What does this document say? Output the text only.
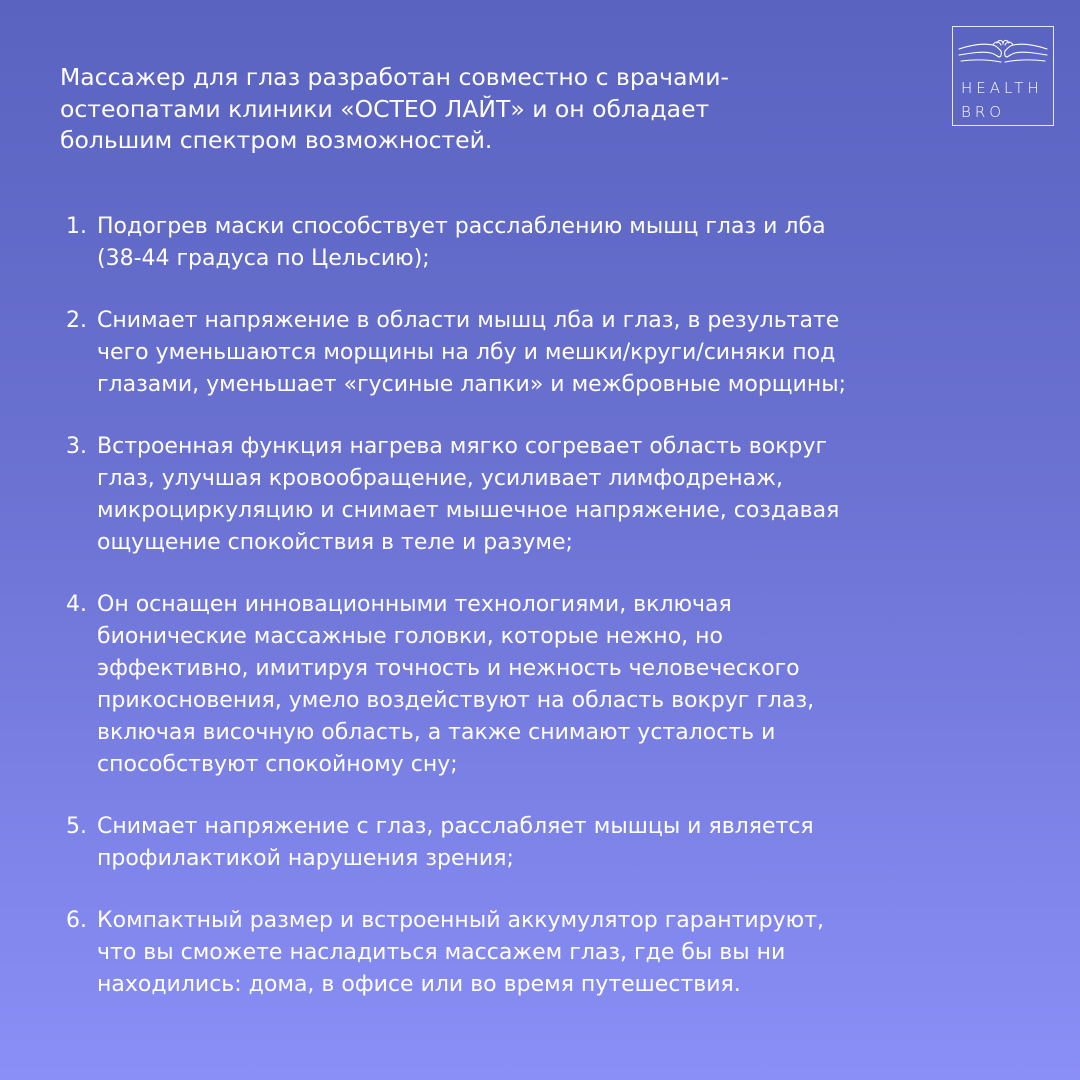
HEALTH
BRO

Массажер для глаз разработан совместно с врачами-
остеопатами клиники «ОСТЕО ЛАЙТ» и он обладает
большим спектром возможностей.

1. Подогрев маски способствует расслаблению мышц глаз и лба
(38-44 градуса по Цельсию);
2. Снимает напряжение в области мышц лба и глаз, в результате
чего уменьшаются морщины на лбу и мешки/круги/синяки под
глазами, уменьшает «гусиные лапки» и межбровные морщины;
3. Встроенная функция нагрева мягко согревает область вокруг
глаз, улучшая кровообращение, усиливает лимфодренаж,
микроциркуляцию и снимает мышечное напряжение, создавая
ощущение спокойствия в теле и разуме;
4. Он оснащен инновационными технологиями, включая
бионические массажные головки, которые нежно, но
эффективно, имитируя точность и нежность человеческого
прикосновения, умело воздействуют на область вокруг глаз,
включая височную область, а также снимают усталость и
способствуют спокойному сну;
5. Снимает напряжение с глаз, расслабляет мышцы и является
профилактикой нарушения зрения;
6. Компактный размер и встроенный аккумулятор гарантируют,
что вы сможете насладиться массажем глаз, где бы вы ни
находились: дома, в офисе или во время путешествия.
